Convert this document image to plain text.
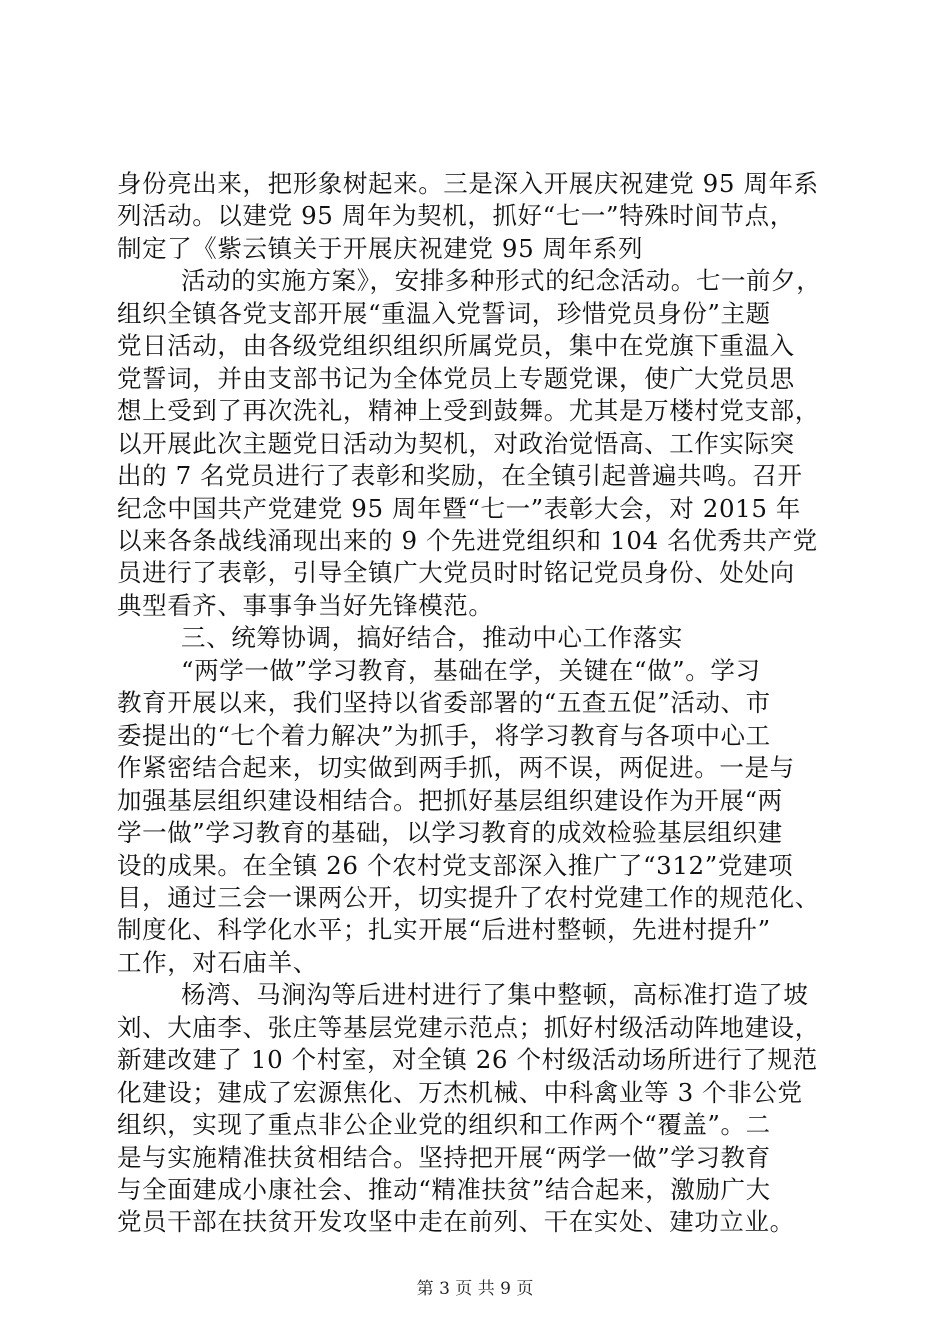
身份亮出来，把形象树起来。三是深入开展庆祝建党 95 周年系
列活动。以建党 95 周年为契机，抓好“七一”特殊时间节点，
制定了《紫云镇关于开展庆祝建党 95 周年系列
活动的实施方案》，安排多种形式的纪念活动。七一前夕，
组织全镇各党支部开展“重温入党誓词，珍惜党员身份”主题
党日活动，由各级党组织组织所属党员，集中在党旗下重温入
党誓词，并由支部书记为全体党员上专题党课，使广大党员思
想上受到了再次洗礼，精神上受到鼓舞。尤其是万楼村党支部，
以开展此次主题党日活动为契机，对政治觉悟高、工作实际突
出的 7 名党员进行了表彰和奖励，在全镇引起普遍共鸣。召开
纪念中国共产党建党 95 周年暨“七一”表彰大会，对 2015 年
以来各条战线涌现出来的 9 个先进党组织和 104 名优秀共产党
员进行了表彰，引导全镇广大党员时时铭记党员身份、处处向
典型看齐、事事争当好先锋模范。
三、统筹协调，搞好结合，推动中心工作落实
“两学一做”学习教育，基础在学，关键在“做”。学习
教育开展以来，我们坚持以省委部署的“五查五促”活动、市
委提出的“七个着力解决”为抓手，将学习教育与各项中心工
作紧密结合起来，切实做到两手抓，两不误，两促进。一是与
加强基层组织建设相结合。把抓好基层组织建设作为开展“两
学一做”学习教育的基础，以学习教育的成效检验基层组织建
设的成果。在全镇 26 个农村党支部深入推广了“312”党建项
目，通过三会一课两公开，切实提升了农村党建工作的规范化、
制度化、科学化水平；扎实开展“后进村整顿，先进村提升”
工作，对石庙羊、
杨湾、马涧沟等后进村进行了集中整顿，高标准打造了坡
刘、大庙李、张庄等基层党建示范点；抓好村级活动阵地建设，
新建改建了 10 个村室，对全镇 26 个村级活动场所进行了规范
化建设；建成了宏源焦化、万杰机械、中科禽业等 3 个非公党
组织，实现了重点非公企业党的组织和工作两个“覆盖”。二
是与实施精准扶贫相结合。坚持把开展“两学一做”学习教育
与全面建成小康社会、推动“精准扶贫”结合起来，激励广大
党员干部在扶贫开发攻坚中走在前列、干在实处、建功立业。
第 3 页 共 9 页
